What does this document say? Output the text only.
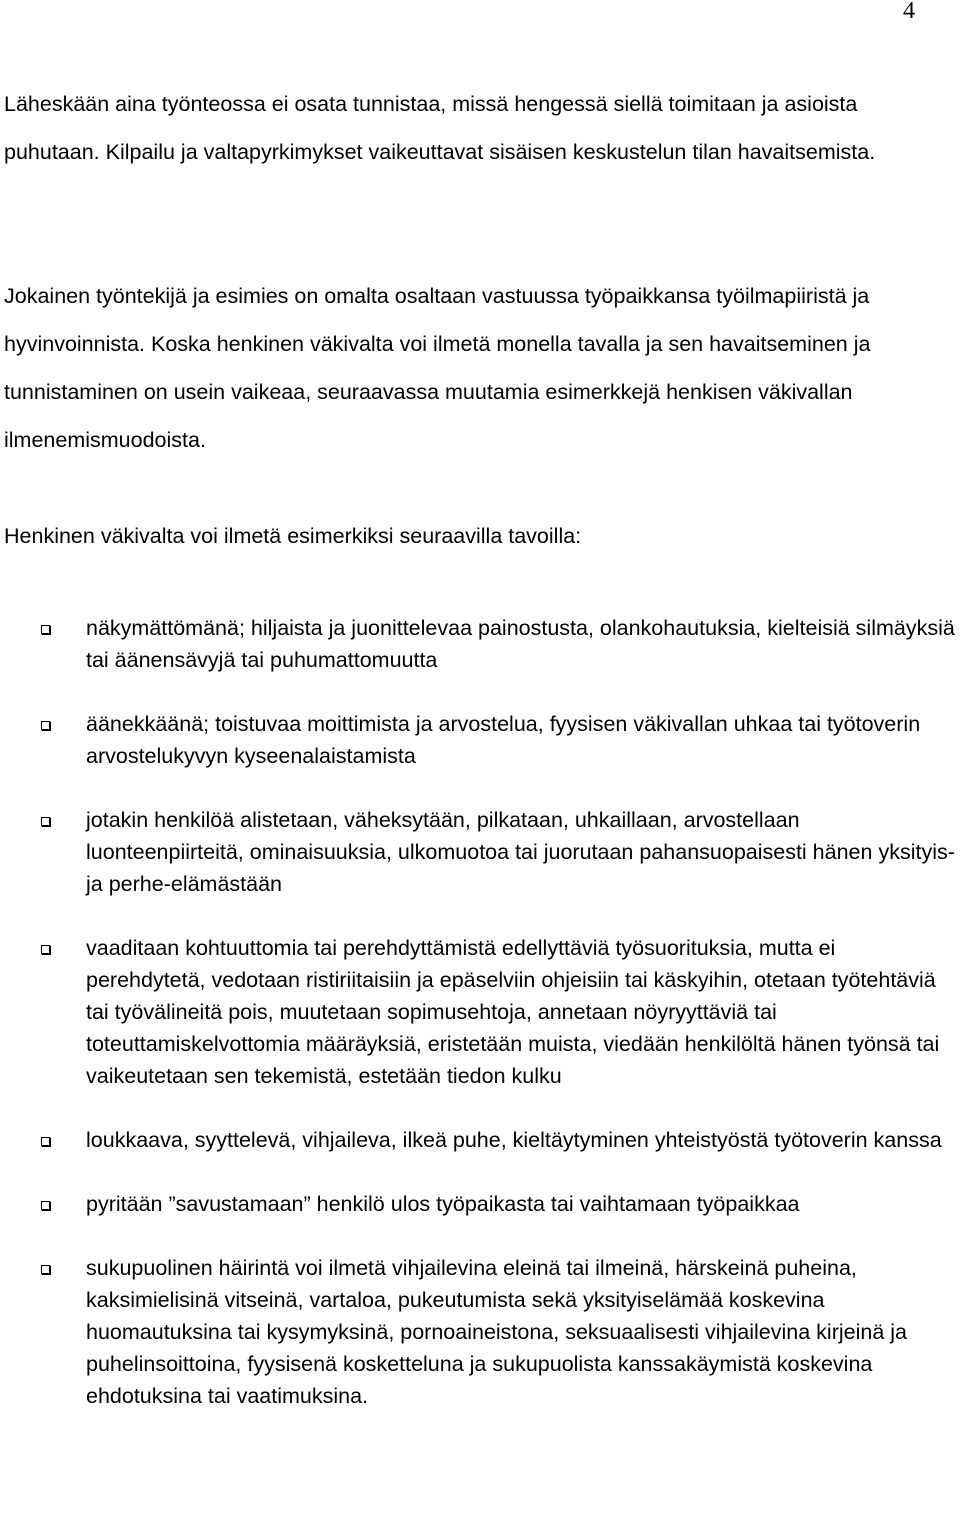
4

Läheskään aina työnteossa ei osata tunnistaa, missä hengessä siellä toimitaan ja asioista puhutaan. Kilpailu ja valtapyrkimykset vaikeuttavat sisäisen keskustelun tilan havaitsemista.

Jokainen työntekijä ja esimies on omalta osaltaan vastuussa työpaikkansa työilmapiiristä ja hyvinvoinnista. Koska henkinen väkivalta voi ilmetä monella tavalla ja sen havaitseminen ja tunnistaminen on usein vaikeaa, seuraavassa muutamia esimerkkejä henkisen väkivallan ilmenemismuodoista.

Henkinen väkivalta voi ilmetä esimerkiksi seuraavilla tavoilla:

näkymättömänä; hiljaista ja juonittelevaa painostusta, olankohautuksia, kielteisiä silmäyksiä tai äänensävyjä tai puhumattomuutta
äänekkäänä; toistuvaa moittimista ja arvostelua, fyysisen väkivallan uhkaa tai työtoverin arvostelukyvyn kyseenalaistamista
jotakin henkilöä alistetaan, väheksytään, pilkataan, uhkaillaan, arvostellaan luonteenpiirteitä, ominaisuuksia, ulkomuotoa tai juorutaan pahansuopaisesti hänen yksityis- ja perhe-elämästään
vaaditaan kohtuuttomia tai perehdyttämistä edellyttäviä työsuorituksia, mutta ei perehdytetä, vedotaan ristiriitaisiin ja epäselviin ohjeisiin tai käskyihin, otetaan työtehtäviä tai työvälineitä pois, muutetaan sopimusehtoja, annetaan nöyryyttäviä tai toteuttamiskelvottomia määräyksiä, eristetään muista, viedään henkilöltä hänen työnsä tai vaikeutetaan sen tekemistä, estetään tiedon kulku
loukkaava, syyttelevä, vihjaileva, ilkeä puhe, kieltäytyminen yhteistyöstä työtoverin kanssa
pyritään ”savustamaan” henkilö ulos työpaikasta tai vaihtamaan työpaikkaa
sukupuolinen häirintä voi ilmetä vihjailevina eleinä tai ilmeinä, härskeinä puheina, kaksimielisinä vitseinä, vartaloa, pukeutumista sekä yksityiselämää koskevina huomautuksina tai kysymyksinä, pornoaineistona, seksuaalisesti vihjailevina kirjeinä ja puhelinsoittoina, fyysisenä kosketteluna ja sukupuolista kanssakäymistä koskevina ehdotuksina tai vaatimuksina.
